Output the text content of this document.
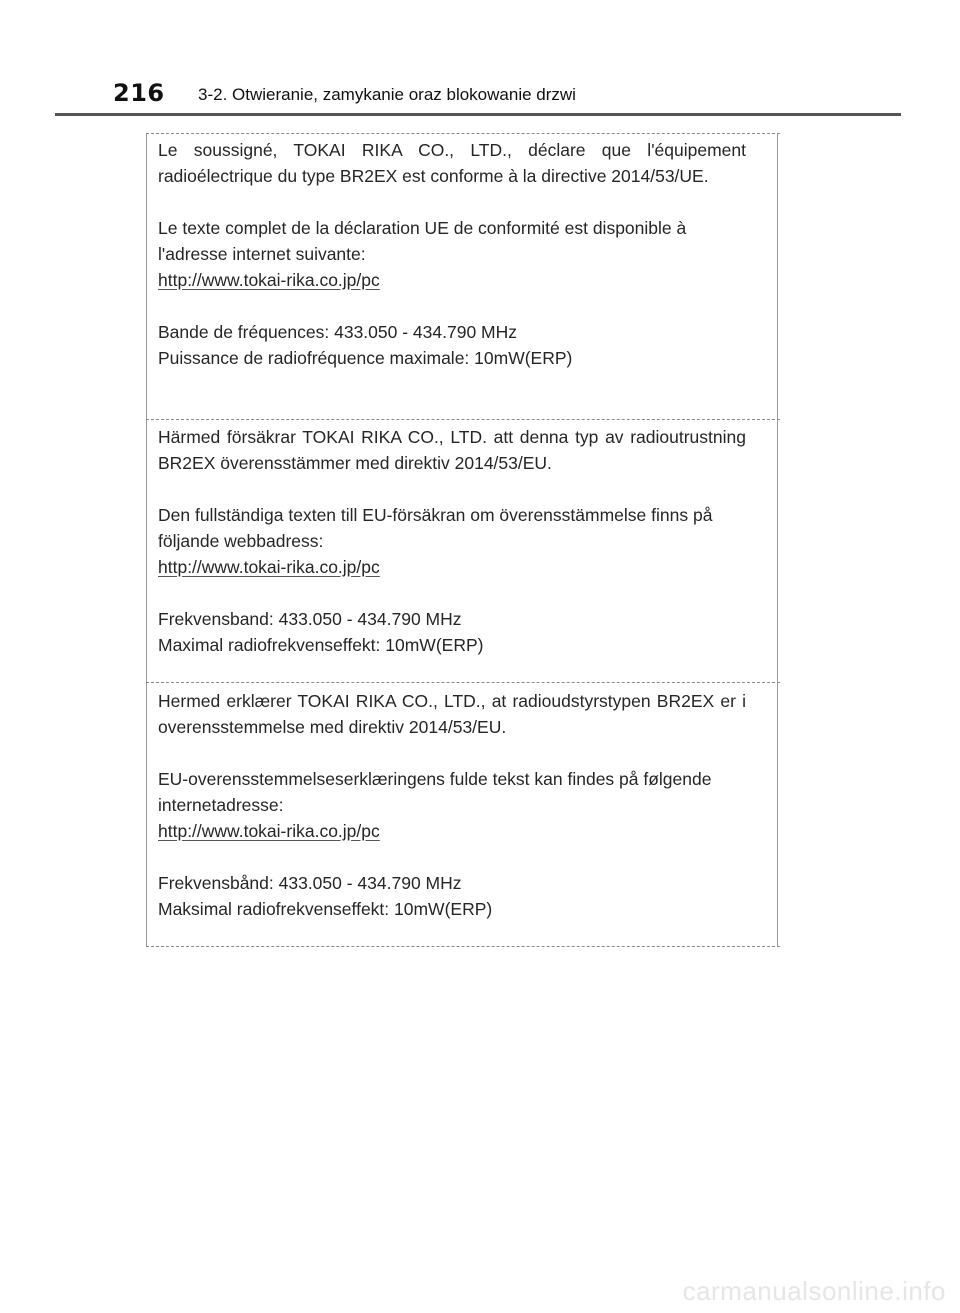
216 3-2. Otwieranie, zamykanie oraz blokowanie drzwi

Le soussigné, TOKAI RIKA CO., LTD., déclare que l'équipement radioélectrique du type BR2EX est conforme à la directive 2014/53/UE.

Le texte complet de la déclaration UE de conformité est disponible à l'adresse internet suivante:

http://www.tokai-rika.co.jp/pc

Bande de fréquences: 433.050 - 434.790 MHz

Puissance de radiofréquence maximale: 10mW(ERP)

Härmed försäkrar TOKAI RIKA CO., LTD. att denna typ av radioutrustning BR2EX överensstämmer med direktiv 2014/53/EU.

Den fullständiga texten till EU-försäkran om överensstämmelse finns på följande webbadress:

http://www.tokai-rika.co.jp/pc

Frekvensband: 433.050 - 434.790 MHz

Maximal radiofrekvenseffekt: 10mW(ERP)

Hermed erklærer TOKAI RIKA CO., LTD., at radioudstyrstypen BR2EX er i overensstemmelse med direktiv 2014/53/EU.

EU-overensstemmelseserklæringens fulde tekst kan findes på følgende internetadresse:

http://www.tokai-rika.co.jp/pc

Frekvensbånd: 433.050 - 434.790 MHz

Maksimal radiofrekvenseffekt: 10mW(ERP)

carmanualsonline.info
